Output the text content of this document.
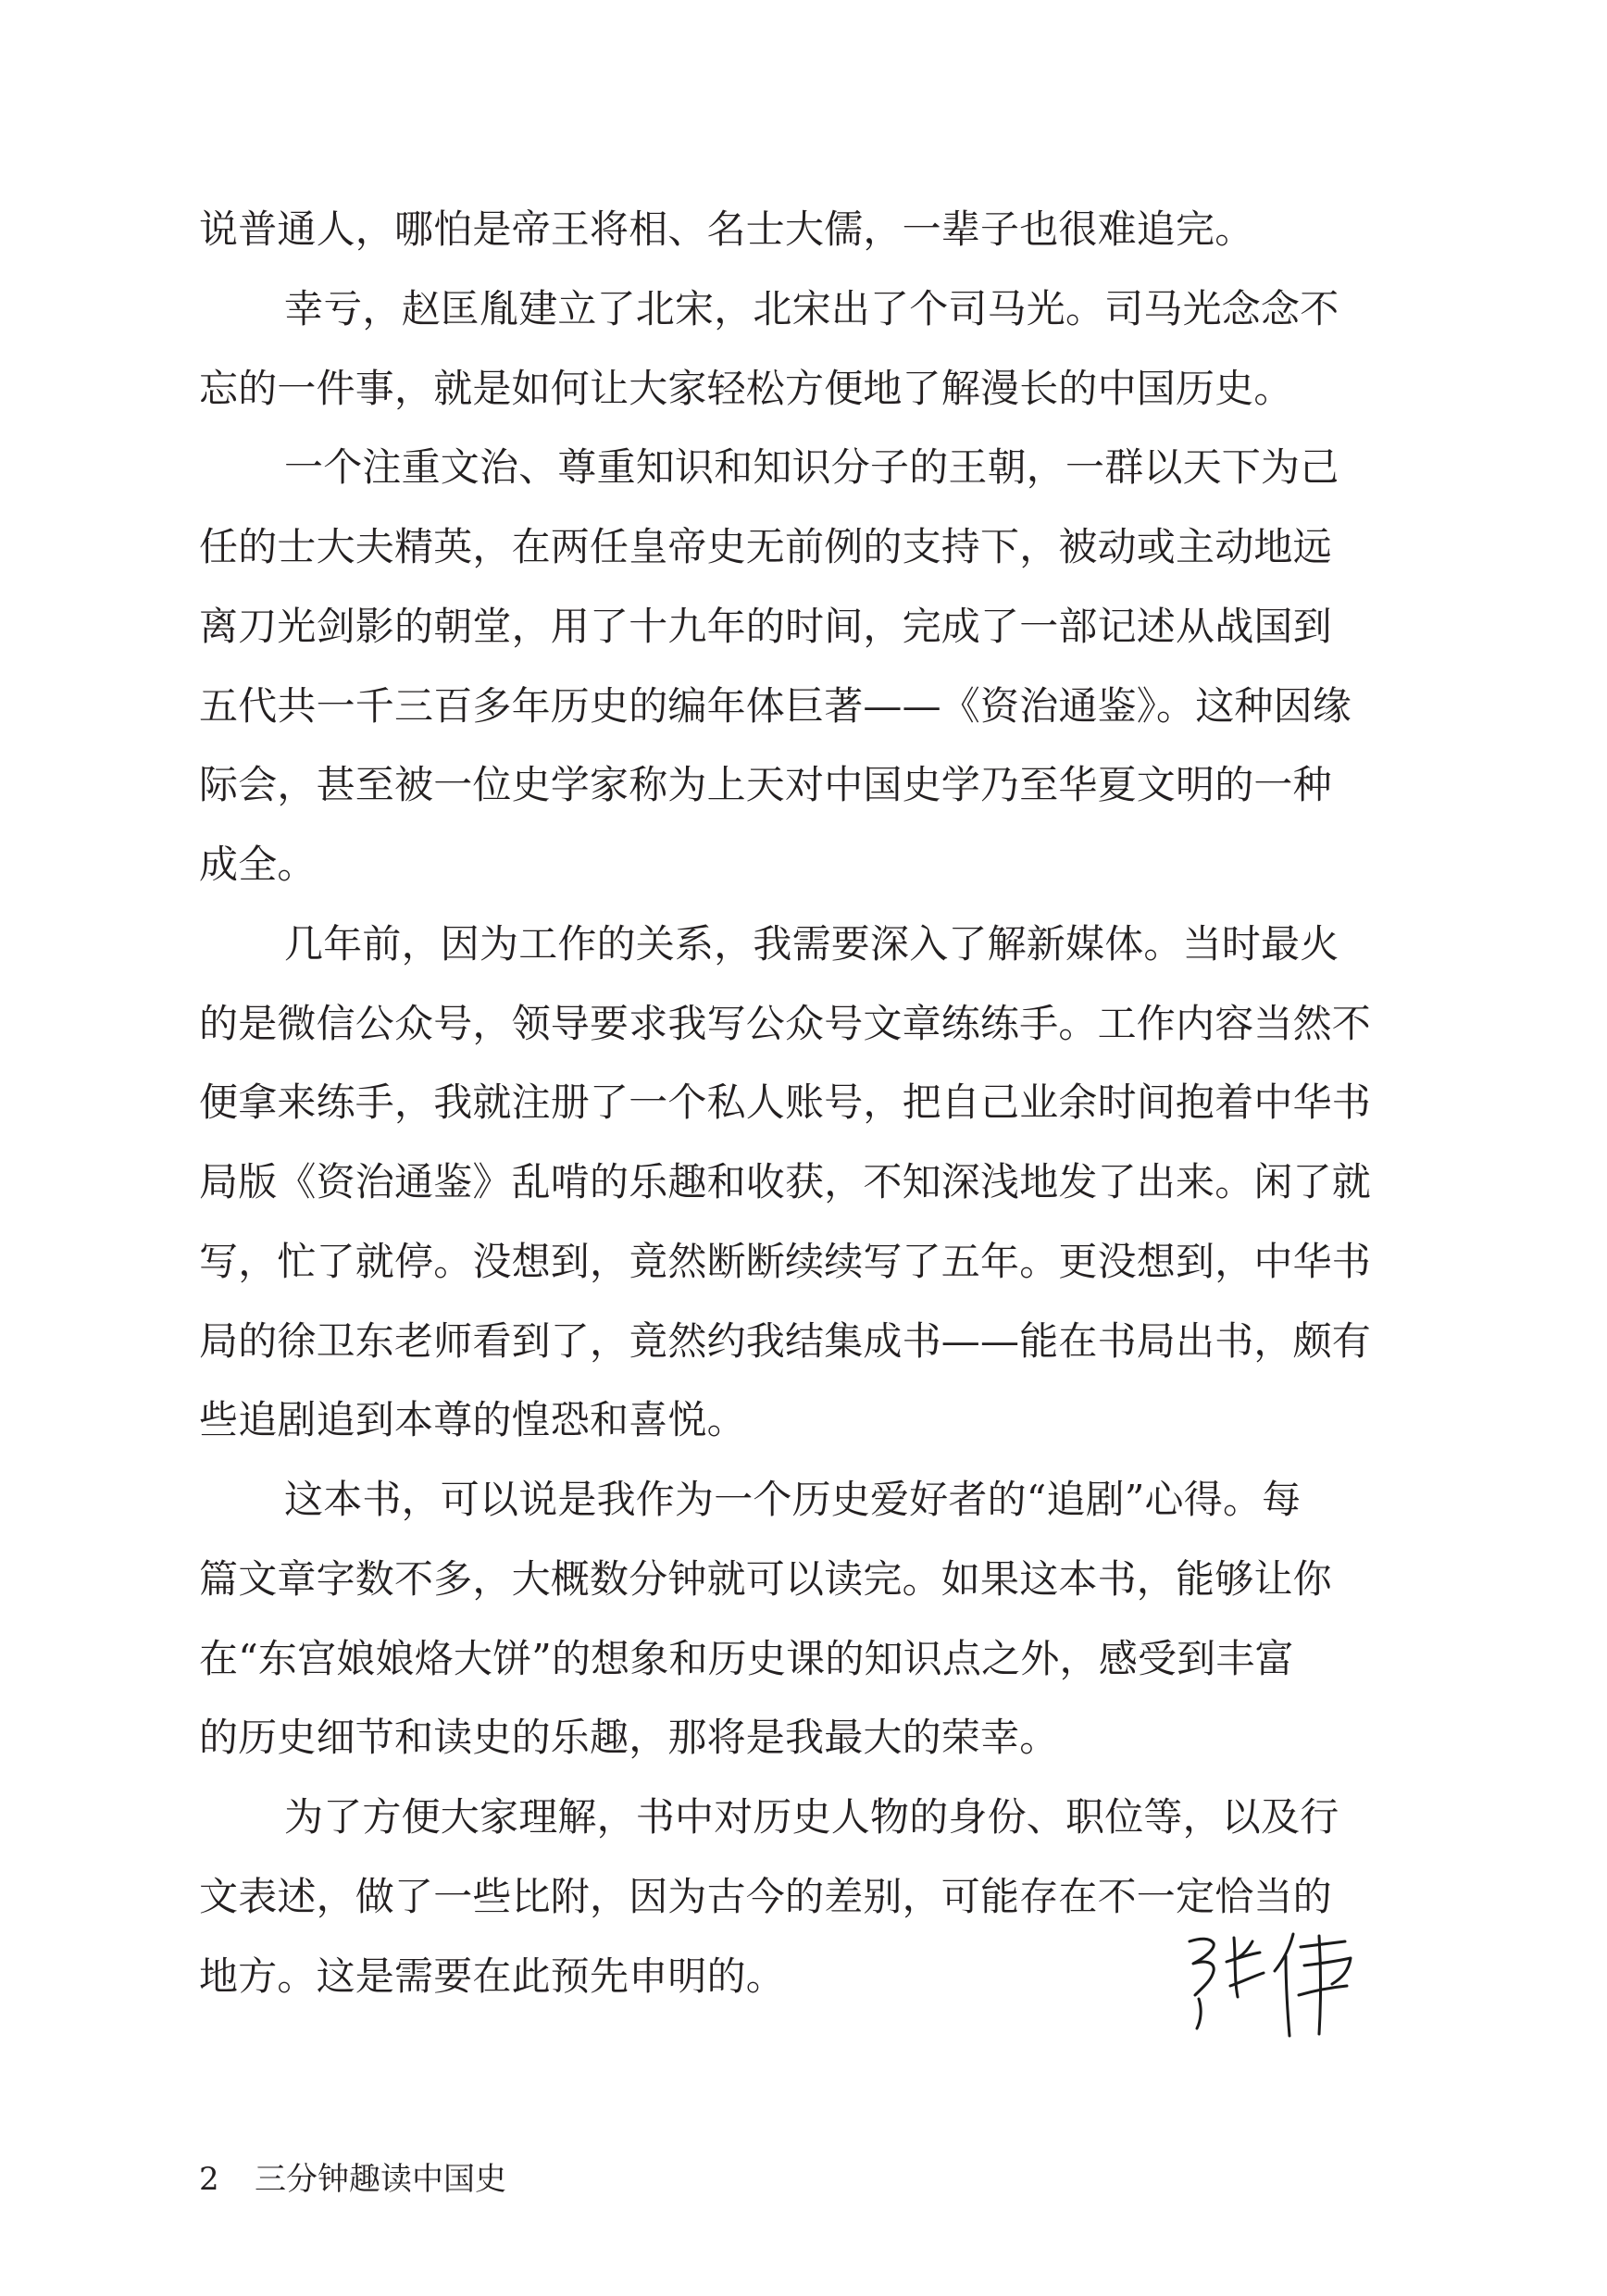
说普通人，哪怕是帝王将相、名士大儒，一辈子也很难追完。
幸亏，赵匡胤建立了北宋，北宋出了个司马光。司马光念念不
忘的一件事，就是如何让大家轻松方便地了解漫长的中国历史。
一个注重文治、尊重知识和知识分子的王朝，一群以天下为己
任的士大夫精英，在两任皇帝史无前例的支持下，被动或主动地远
离刀光剑影的朝堂，用了十九年的时间，完成了一部记述从战国到
五代共一千三百多年历史的编年体巨著——《资治通鉴》。这种因缘
际会，甚至被一位史学家称为上天对中国史学乃至华夏文明的一种
成全。
几年前，因为工作的关系，我需要深入了解新媒体。当时最火
的是微信公众号，领导要求我写公众号文章练练手。工作内容当然不
便拿来练手，我就注册了一个私人账号，把自己业余时间抱着中华书
局版《资治通鉴》乱啃的乐趣和收获，不知深浅地发了出来。闲了就
写，忙了就停。没想到，竟然断断续续写了五年。更没想到，中华书
局的徐卫东老师看到了，竟然约我结集成书——能在书局出书，颇有
些追剧追到本尊的惶恐和喜悦。
这本书，可以说是我作为一个历史爱好者的“追剧”心得。每
篇文章字数不多，大概数分钟就可以读完。如果这本书，能够让你
在“东宫娘娘烙大饼”的想象和历史课的知识点之外，感受到丰富
的历史细节和读史的乐趣，那将是我最大的荣幸。
为了方便大家理解，书中对历史人物的身份、职位等，以及行
文表述，做了一些比附，因为古今的差别，可能存在不一定恰当的
地方。这是需要在此预先申明的。
2 三分钟趣读中国史
